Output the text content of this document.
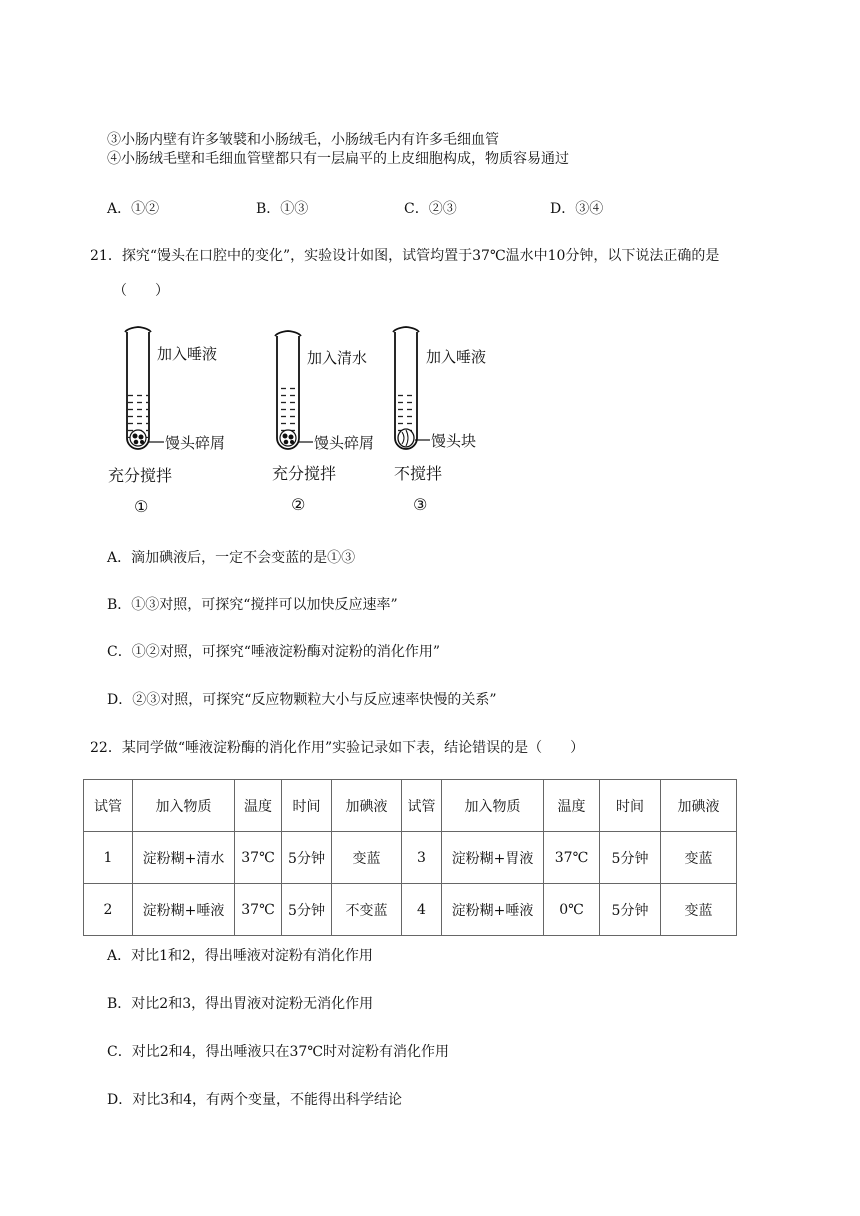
③小肠内壁有许多皱襞和小肠绒毛，小肠绒毛内有许多毛细血管
④小肠绒毛壁和毛细血管壁都只有一层扁平的上皮细胞构成，物质容易通过
A．①②	B．①③	C．②③	D．③④
21．探究“馒头在口腔中的变化”，实验设计如图，试管均置于37℃温水中10分钟，以下说法正确的是
（　　）
加入唾液
馒头碎屑
充分搅拌
①
加入清水
馒头碎屑
充分搅拌
②
加入唾液
馒头块
不搅拌
③
A．滴加碘液后，一定不会变蓝的是①③
B．①③对照，可探究“搅拌可以加快反应速率”
C．①②对照，可探究“唾液淀粉酶对淀粉的消化作用”
D．②③对照，可探究“反应物颗粒大小与反应速率快慢的关系”
22．某同学做“唾液淀粉酶的消化作用”实验记录如下表，结论错误的是（　　）
试管	加入物质	温度	时间	加碘液	试管	加入物质	温度	时间	加碘液
1	淀粉糊+清水	37℃	5分钟	变蓝	3	淀粉糊+胃液	37℃	5分钟	变蓝
2	淀粉糊+唾液	37℃	5分钟	不变蓝	4	淀粉糊+唾液	0℃	5分钟	变蓝
A．对比1和2，得出唾液对淀粉有消化作用
B．对比2和3，得出胃液对淀粉无消化作用
C．对比2和4，得出唾液只在37℃时对淀粉有消化作用
D．对比3和4，有两个变量，不能得出科学结论
